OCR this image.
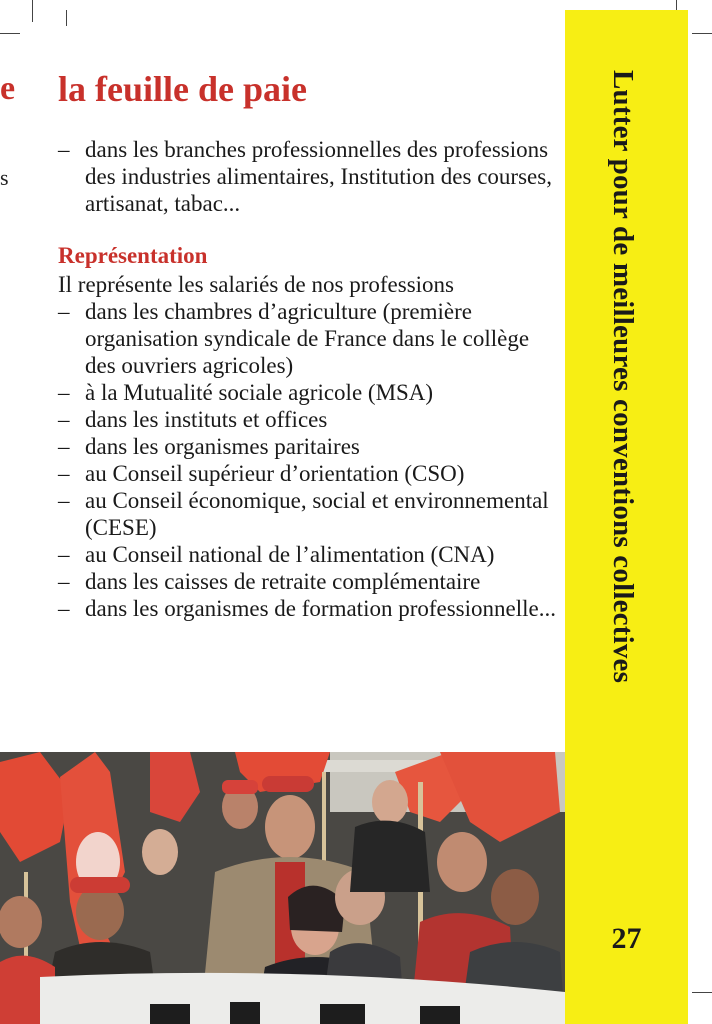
e
s
la feuille de paie
– dans les branches professionnelles des professions des industries alimentaires, Institution des courses, artisanat, tabac...
Représentation
Il représente les salariés de nos professions
– dans les chambres d’agriculture (première organisation syndicale de France dans le collège des ouvriers agricoles)
– à la Mutualité sociale agricole (MSA)
– dans les instituts et offices
– dans les organismes paritaires
– au Conseil supérieur d’orientation (CSO)
– au Conseil économique, social et environnemental (CESE)
– au Conseil national de l’alimentation (CNA)
– dans les caisses de retraite complémentaire
– dans les organismes de formation professionnelle...	Lutter pour de meilleures conventions collectives
27
